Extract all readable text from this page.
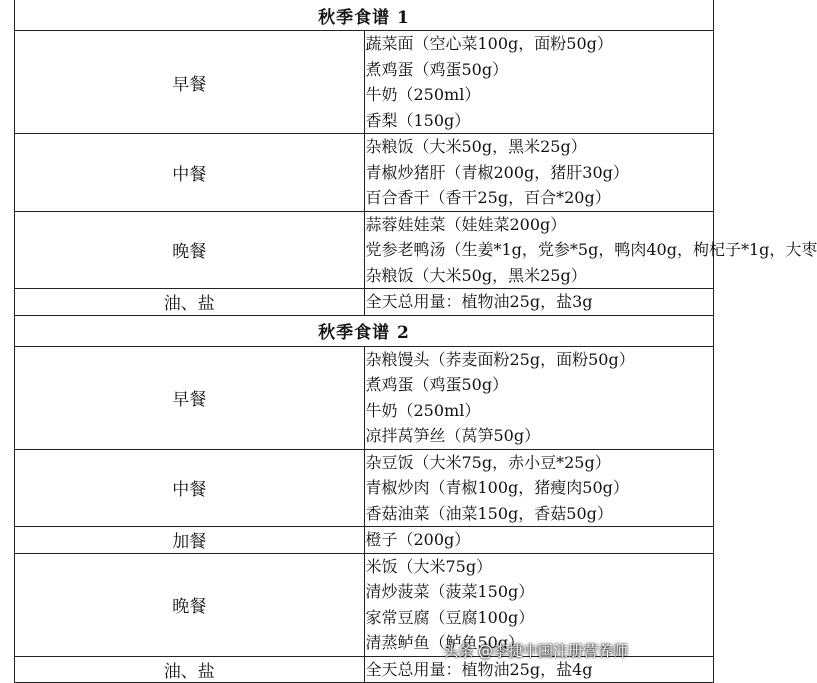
秋季食谱 1	
早餐	蔬菜面（空心菜100g，面粉50g）
煮鸡蛋（鸡蛋50g）
牛奶（250ml）
香梨（150g）

中餐	杂粮饭（大米50g，黑米25g）
青椒炒猪肝（青椒200g，猪肝30g）
百合香干（香干25g，百合*20g）

晚餐	蒜蓉娃娃菜（娃娃菜200g）
党参老鸭汤（生姜*1g，党参*5g，鸭肉40g，枸杞子*1g，大枣
杂粮饭（大米50g，黑米25g）

油、盐	全天总用量：植物油25g，盐3g

秋季食谱 2	
早餐	杂粮馒头（荞麦面粉25g，面粉50g）
煮鸡蛋（鸡蛋50g）
牛奶（250ml）
凉拌莴笋丝（莴笋50g）

中餐	杂豆饭（大米75g，赤小豆*25g）
青椒炒肉（青椒100g，猪瘦肉50g）
香菇油菜（油菜150g，香菇50g）

加餐	橙子（200g）

晚餐	米饭（大米75g）
清炒菠菜（菠菜150g）
家常豆腐（豆腐100g）
清蒸鲈鱼（鲈鱼50g）

油、盐	全天总用量：植物油25g，盐4g
头条 @李捷中国注册营养师
